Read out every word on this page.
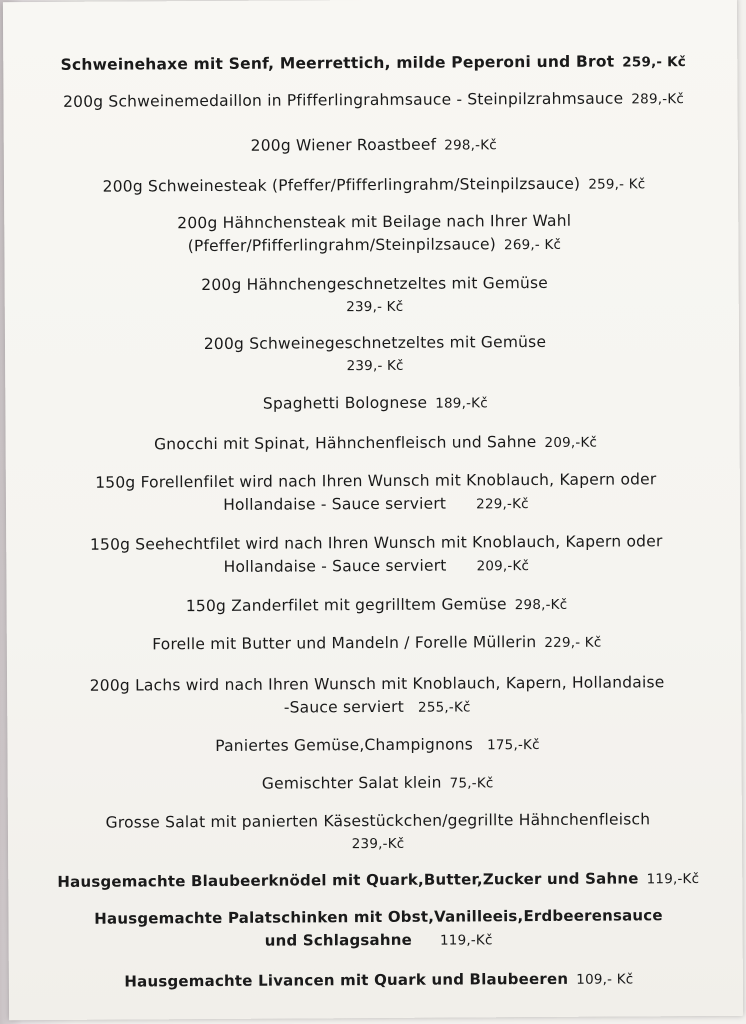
Schweinehaxe mit Senf, Meerrettich, milde Peperoni und Brot 259,- Kč
200g Schweinemedaillon in Pfifferlingrahmsauce - Steinpilzrahmsauce 289,-Kč
200g Wiener Roastbeef 298,-Kč
200g Schweinesteak (Pfeffer/Pfifferlingrahm/Steinpilzsauce) 259,- Kč
200g Hähnchensteak mit Beilage nach Ihrer Wahl
(Pfeffer/Pfifferlingrahm/Steinpilzsauce) 269,- Kč
200g Hähnchengeschnetzeltes mit Gemüse
239,- Kč
200g Schweinegeschnetzeltes mit Gemüse
239,- Kč
Spaghetti Bolognese 189,-Kč
Gnocchi mit Spinat, Hähnchenfleisch und Sahne 209,-Kč
150g Forellenfilet wird nach Ihren Wunsch mit Knoblauch, Kapern oder
Hollandaise - Sauce serviert 229,-Kč
150g Seehechtfilet wird nach Ihren Wunsch mit Knoblauch, Kapern oder
Hollandaise - Sauce serviert 209,-Kč
150g Zanderfilet mit gegrilltem Gemüse 298,-Kč
Forelle mit Butter und Mandeln / Forelle Müllerin 229,- Kč
200g Lachs wird nach Ihren Wunsch mit Knoblauch, Kapern, Hollandaise
-Sauce serviert 255,-Kč
Paniertes Gemüse,Champignons 175,-Kč
Gemischter Salat klein 75,-Kč
Grosse Salat mit panierten Käsestückchen/gegrillte Hähnchenfleisch
239,-Kč
Hausgemachte Blaubeerknödel mit Quark,Butter,Zucker und Sahne 119,-Kč
Hausgemachte Palatschinken mit Obst,Vanilleeis,Erdbeerensauce
und Schlagsahne 119,-Kč
Hausgemachte Livancen mit Quark und Blaubeeren 109,- Kč
